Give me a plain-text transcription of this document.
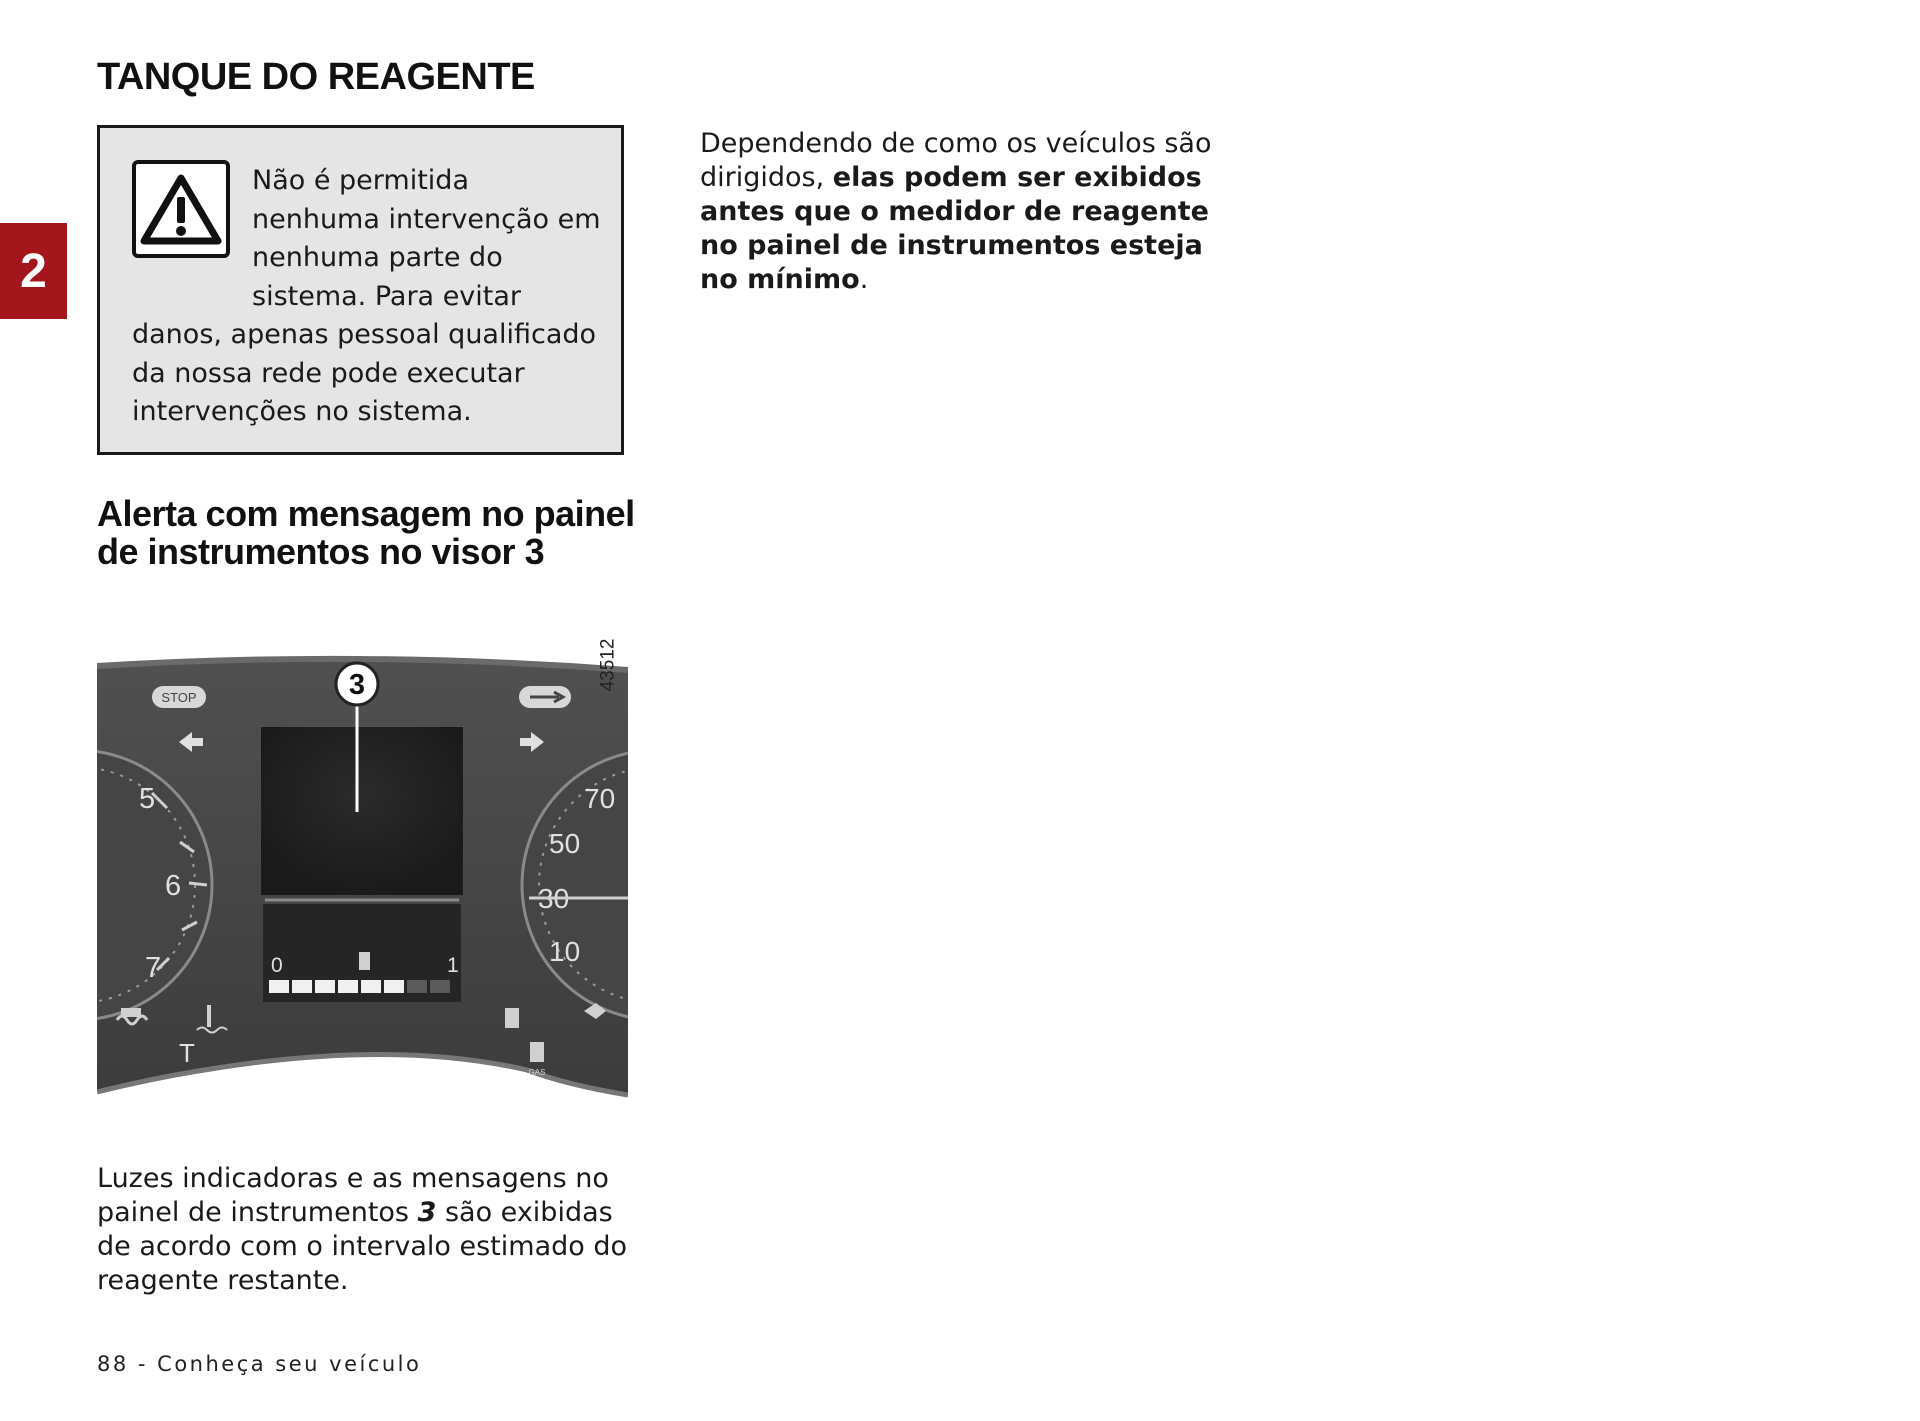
2
TANQUE DO REAGENTE

Não é permitida nenhuma intervenção em nenhuma parte do sistema. Para evitar danos, apenas pessoal qualificado da nossa rede pode executar intervenções no sistema.

Alerta com mensagem no painel de instrumentos no visor 3
5
6
7
T
70
50
30
10
STOP
0	1
3
GAS
43512

Luzes indicadoras e as mensagens no painel de instrumentos 3 são exibidas de acordo com o intervalo estimado do reagente restante.

Dependendo de como os veículos são dirigidos, elas podem ser exibidos antes que o medidor de reagente no painel de instrumentos esteja no mínimo.

88 - Conheça seu veículo
